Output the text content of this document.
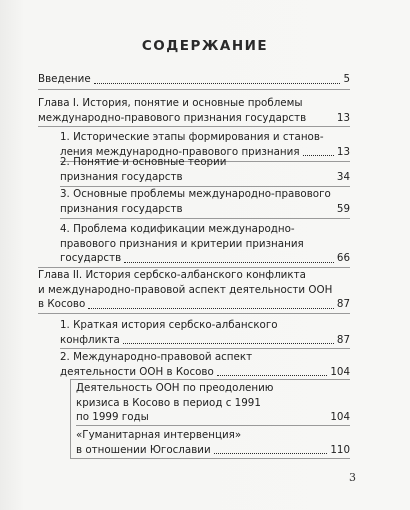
СОДЕРЖАНИЕ
Введение	5
Глава I. История, понятие и основные проблемы
международно-правового признания государств	13
1. Исторические этапы формирования и станов-
ления международно-правового признания	13
2. Понятие и основные теории
признания государств	34
3. Основные проблемы международно-правового
признания государств	59
4. Проблема кодификации международно-
правового признания и критерии признания
государств	66
Глава II. История сербско-албанского конфликта
и международно-правовой аспект деятельности ООН
в Косово	87
1. Краткая история сербско-албанского
конфликта	87
2. Международно-правовой аспект
деятельности ООН в Косово	104
Деятельность ООН по преодолению
кризиса в Косово в период с 1991
по 1999 годы	104
«Гуманитарная интервенция»
в отношении Югославии	110
3
